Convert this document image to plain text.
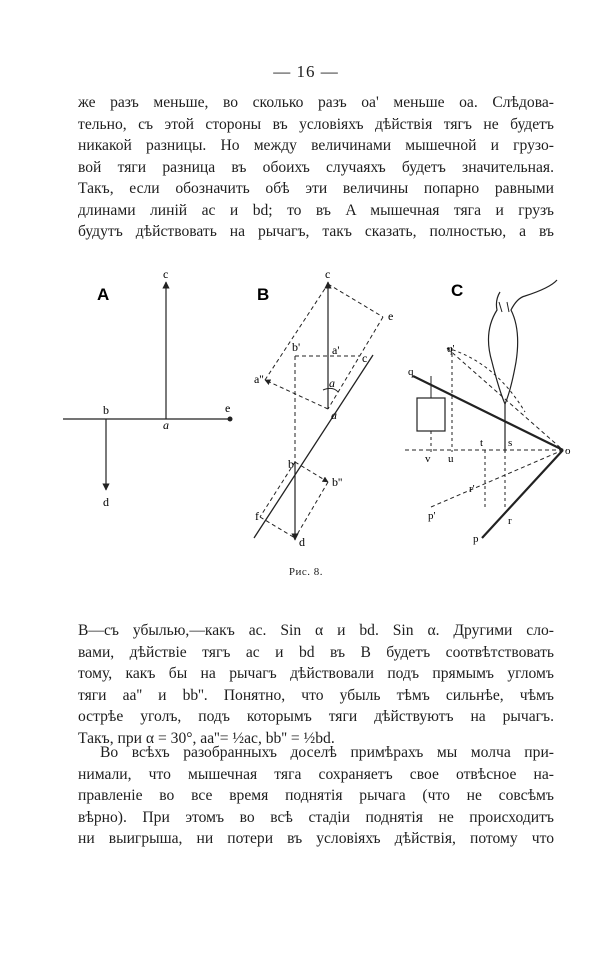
— 16 —
же разъ меньше, во сколько разъ оа' меньше оа. Слѣдова-
тельно, съ этой стороны въ условіяхъ дѣйствія тягъ не будетъ
никакой разницы. Но между величинами мышечной и грузо-
вой тяги разница въ обоихъ случаяхъ будетъ значительная.
Такъ, если обозначить обѣ эти величины попарно равными
длинами линій ac и bd; то въ A мышечная тяга и грузъ
будутъ дѣйствовать на рычагъ, такъ сказать, полностью, а въ
A
c
b
a
e
d
B
c
e
b'	a'
c
a''	a
a
b
b''
f
d
C
q'
q
v u
t s
o
r'
p'	r
p
Рис. 8.
B—съ убылью,—какъ ac. Sin α и bd. Sin α. Другими сло-
вами, дѣйствіе тягъ ac и bd въ B будетъ соотвѣтствовать
тому, какъ бы на рычагъ дѣйствовали подъ прямымъ угломъ
тяги aa'' и bb''. Понятно, что убыль тѣмъ сильнѣе, чѣмъ
острѣе уголъ, подъ которымъ тяги дѣйствуютъ на рычагъ.
Такъ, при α = 30°, aa''= ½ac, bb'' = ½bd.
Во всѣхъ разобранныхъ доселѣ примѣрахъ мы молча при-
нимали, что мышечная тяга сохраняетъ свое отвѣсное на-
правленіе во все время поднятія рычага (что не совсѣмъ
вѣрно). При этомъ во всѣ стадіи поднятія не происходитъ
ни выигрыша, ни потери въ условіяхъ дѣйствія, потому что
